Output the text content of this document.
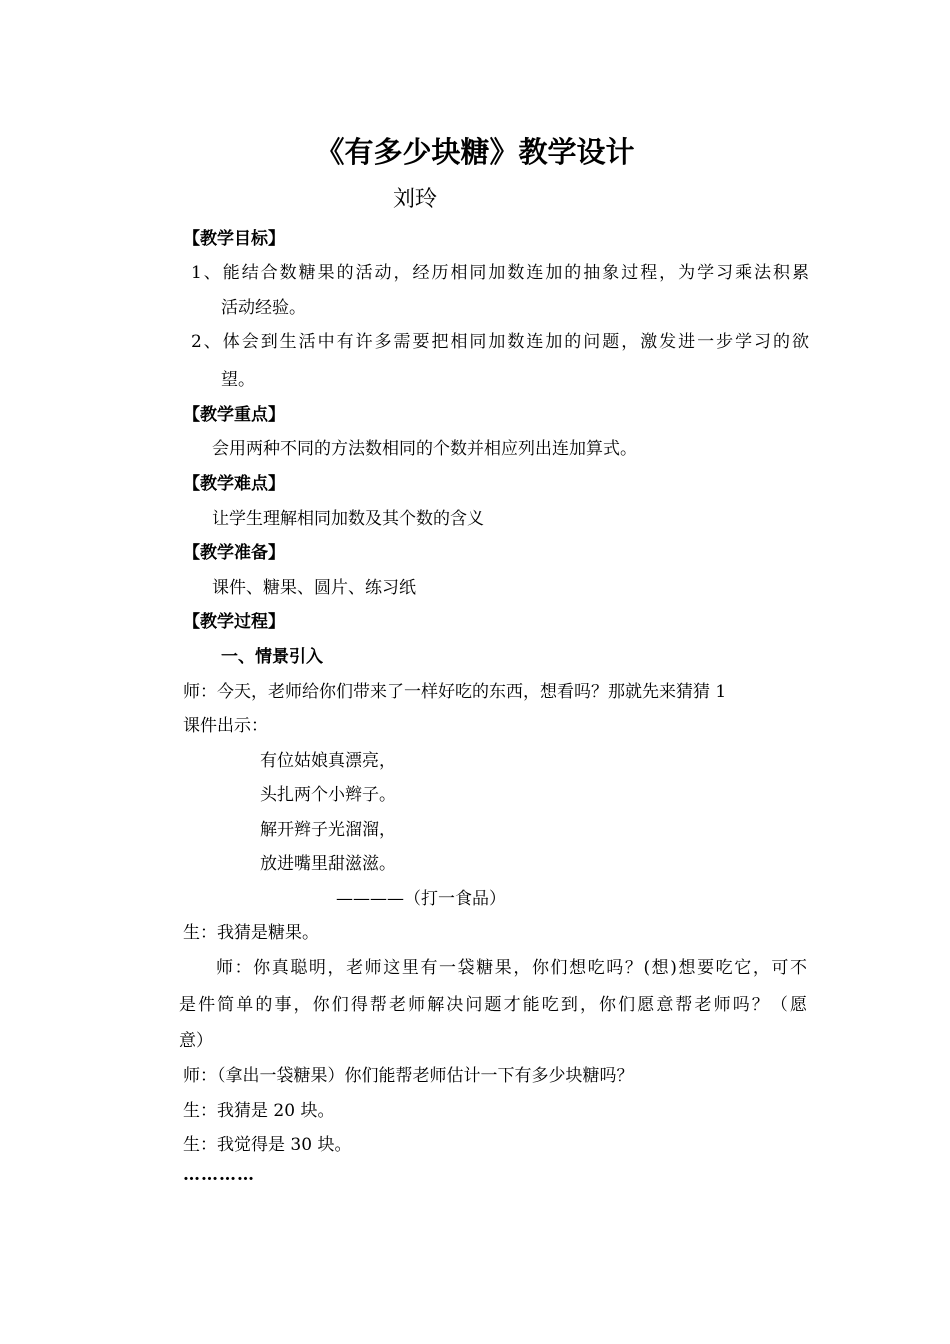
《有多少块糖》教学设计
刘玲
【教学目标】
1、能结合数糖果的活动，经历相同加数连加的抽象过程，为学习乘法积累
活动经验。
2、体会到生活中有许多需要把相同加数连加的问题，激发进一步学习的欲
望。
【教学重点】
会用两种不同的方法数相同的个数并相应列出连加算式。
【教学难点】
让学生理解相同加数及其个数的含义
【教学准备】
课件、糖果、圆片、练习纸
【教学过程】
一、情景引入
师：今天，老师给你们带来了一样好吃的东西，想看吗？那就先来猜猜 1
课件出示：
有位姑娘真漂亮，
头扎两个小辫子。
解开辫子光溜溜，
放进嘴里甜滋滋。
————（打一食品）
生：我猜是糖果。
师：你真聪明，老师这里有一袋糖果，你们想吃吗？(想)想要吃它，可不
是件简单的事，你们得帮老师解决问题才能吃到，你们愿意帮老师吗？（愿
意）
师：（拿出一袋糖果）你们能帮老师估计一下有多少块糖吗？
生：我猜是 20 块。
生：我觉得是 30 块。
…………
